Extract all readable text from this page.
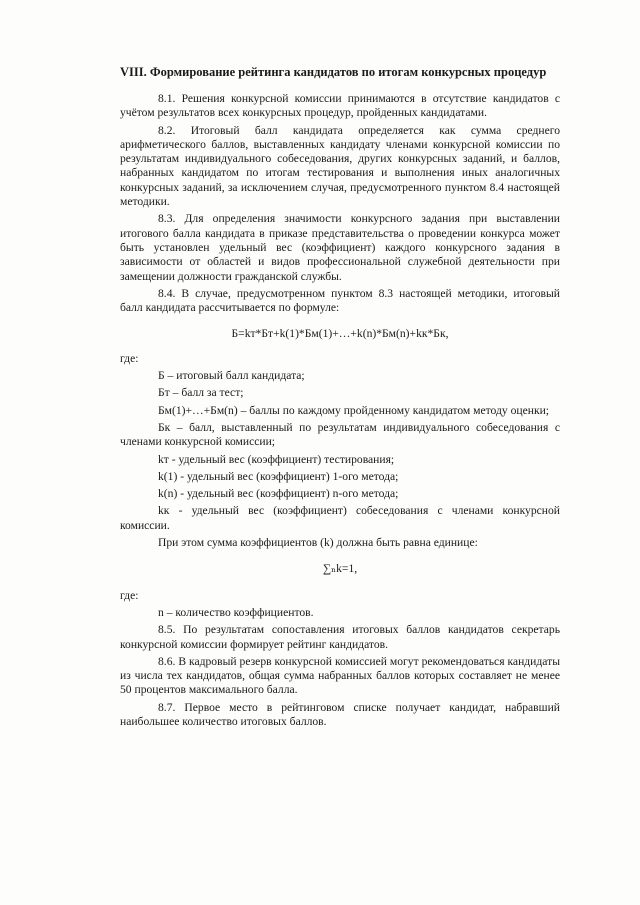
VIII. Формирование рейтинга кандидатов по итогам конкурсных процедур

8.1. Решения конкурсной комиссии принимаются в отсутствие кандидатов с учётом результатов всех конкурсных процедур, пройденных кандидатами.

8.2. Итоговый балл кандидата определяется как сумма среднего арифметического баллов, выставленных кандидату членами конкурсной комиссии по результатам индивидуального собеседования, других конкурсных заданий, и баллов, набранных кандидатом по итогам тестирования и выполнения иных аналогичных конкурсных заданий, за исключением случая, предусмотренного пунктом 8.4 настоящей методики.

8.3. Для определения значимости конкурсного задания при выставлении итогового балла кандидата в приказе представительства о проведении конкурса может быть установлен удельный вес (коэффициент) каждого конкурсного задания в зависимости от областей и видов профессиональной служебной деятельности при замещении должности гражданской службы.

8.4. В случае, предусмотренном пунктом 8.3 настоящей методики, итоговый балл кандидата рассчитывается по формуле:

Б=kт*Бт+k(1)*Бм(1)+…+k(n)*Бм(n)+kк*Бк,

где:

Б – итоговый балл кандидата;

Бт – балл за тест;

Бм(1)+…+Бм(n) – баллы по каждому пройденному кандидатом методу оценки;

Бк – балл, выставленный по результатам индивидуального собеседования с членами конкурсной комиссии;

kт - удельный вес (коэффициент) тестирования;

k(1) - удельный вес (коэффициент) 1-ого метода;

k(n) - удельный вес (коэффициент) n-ого метода;

kк - удельный вес (коэффициент) собеседования с членами конкурсной комиссии.

При этом сумма коэффициентов (k) должна быть равна единице:

∑ₙk=1,

где:

n – количество коэффициентов.

8.5. По результатам сопоставления итоговых баллов кандидатов секретарь конкурсной комиссии формирует рейтинг кандидатов.

8.6. В кадровый резерв конкурсной комиссией могут рекомендоваться кандидаты из числа тех кандидатов, общая сумма набранных баллов которых составляет не менее 50 процентов максимального балла.

8.7. Первое место в рейтинговом списке получает кандидат, набравший наибольшее количество итоговых баллов.
